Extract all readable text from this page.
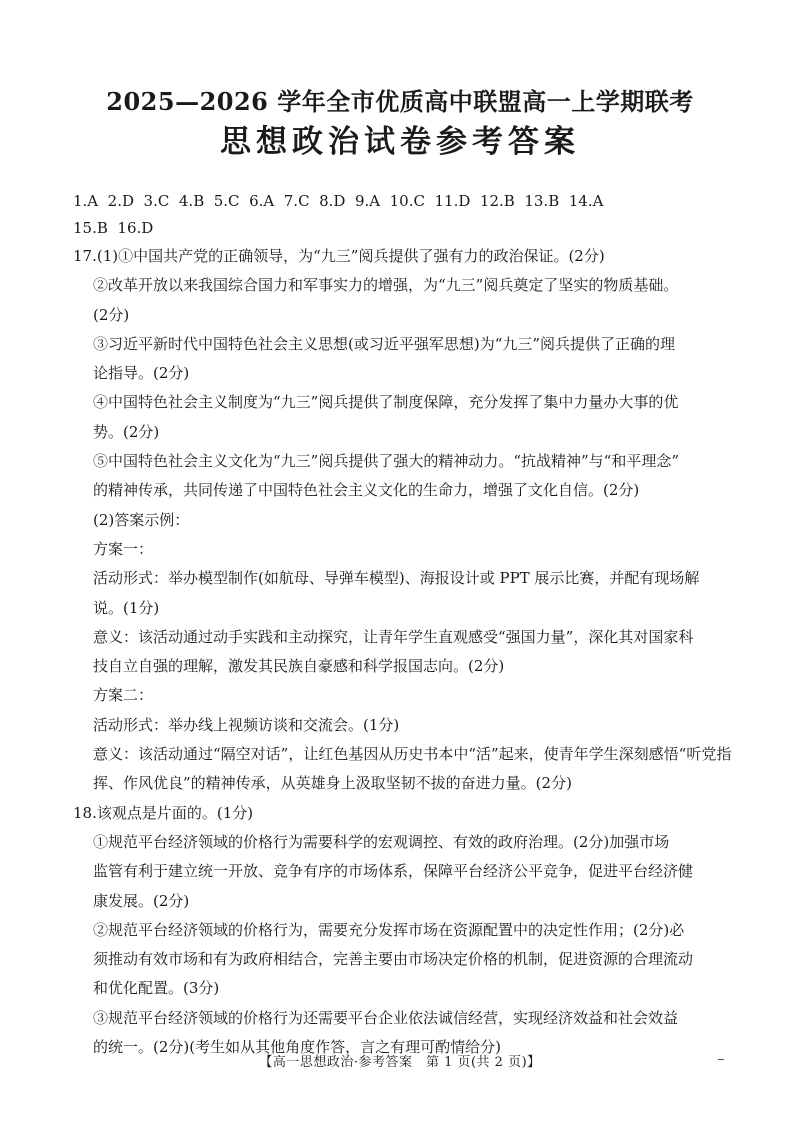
2025—2026 学年全市优质高中联盟高一上学期联考
思想政治试卷参考答案
1.A  2.D  3.C  4.B  5.C  6.A  7.C  8.D  9.A  10.C  11.D  12.B  13.B  14.A
15.B  16.D

17.(1)①中国共产党的正确领导，为“九三”阅兵提供了强有力的政治保证。(2分)

②改革开放以来我国综合国力和军事实力的增强，为“九三”阅兵奠定了坚实的物质基础。

(2分)

③习近平新时代中国特色社会主义思想(或习近平强军思想)为“九三”阅兵提供了正确的理

论指导。(2分)

④中国特色社会主义制度为“九三”阅兵提供了制度保障，充分发挥了集中力量办大事的优

势。(2分)

⑤中国特色社会主义文化为“九三”阅兵提供了强大的精神动力。“抗战精神”与“和平理念”

的精神传承，共同传递了中国特色社会主义文化的生命力，增强了文化自信。(2分)

(2)答案示例：

方案一：

活动形式：举办模型制作(如航母、导弹车模型)、海报设计或 PPT 展示比赛，并配有现场解

说。(1分)

意义：该活动通过动手实践和主动探究，让青年学生直观感受“强国力量”，深化其对国家科

技自立自强的理解，激发其民族自豪感和科学报国志向。(2分)

方案二：

活动形式：举办线上视频访谈和交流会。(1分)

意义：该活动通过“隔空对话”，让红色基因从历史书本中“活”起来，使青年学生深刻感悟“听党指

挥、作风优良”的精神传承，从英雄身上汲取坚韧不拔的奋进力量。(2分)

18.该观点是片面的。(1分)

①规范平台经济领域的价格行为需要科学的宏观调控、有效的政府治理。(2分)加强市场

监管有利于建立统一开放、竞争有序的市场体系，保障平台经济公平竞争，促进平台经济健

康发展。(2分)

②规范平台经济领域的价格行为，需要充分发挥市场在资源配置中的决定性作用；(2分)必

须推动有效市场和有为政府相结合，完善主要由市场决定价格的机制，促进资源的合理流动

和优化配置。(3分)

③规范平台经济领域的价格行为还需要平台企业依法诚信经营，实现经济效益和社会效益

的统一。(2分)(考生如从其他角度作答，言之有理可酌情给分)

【高一思想政治·参考答案　第 1 页(共 2 页)】
